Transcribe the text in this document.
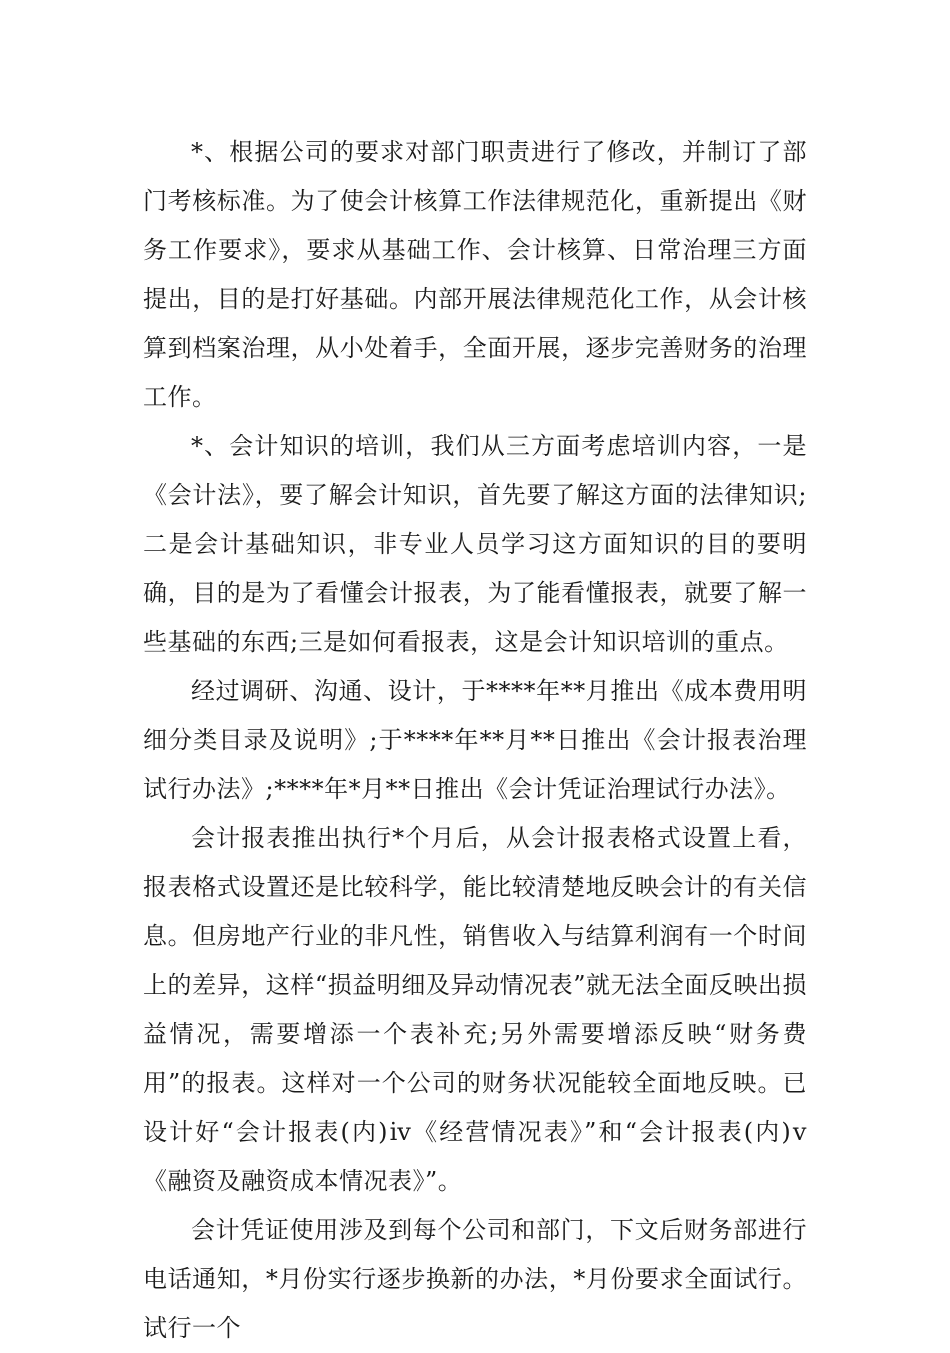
*、根据公司的要求对部门职责进行了修改，并制订了部门考核标准。为了使会计核算工作法律规范化，重新提出《财务工作要求》，要求从基础工作、会计核算、日常治理三方面提出，目的是打好基础。内部开展法律规范化工作，从会计核算到档案治理，从小处着手，全面开展，逐步完善财务的治理工作。

*、会计知识的培训，我们从三方面考虑培训内容，一是《会计法》，要了解会计知识，首先要了解这方面的法律知识;二是会计基础知识，非专业人员学习这方面知识的目的要明确，目的是为了看懂会计报表，为了能看懂报表，就要了解一些基础的东西;三是如何看报表，这是会计知识培训的重点。

经过调研、沟通、设计，于****年**月推出《成本费用明细分类目录及说明》;于****年**月**日推出《会计报表治理试行办法》;****年*月**日推出《会计凭证治理试行办法》。

会计报表推出执行*个月后，从会计报表格式设置上看，报表格式设置还是比较科学，能比较清楚地反映会计的有关信息。但房地产行业的非凡性，销售收入与结算利润有一个时间上的差异，这样“损益明细及异动情况表”就无法全面反映出损益情况，需要增添一个表补充;另外需要增添反映“财务费用”的报表。这样对一个公司的财务状况能较全面地反映。已设计好“会计报表(内)ⅳ《经营情况表》”和“会计报表(内)ⅴ《融资及融资成本情况表》”。

会计凭证使用涉及到每个公司和部门，下文后财务部进行电话通知，*月份实行逐步换新的办法，*月份要求全面试行。试行一个
